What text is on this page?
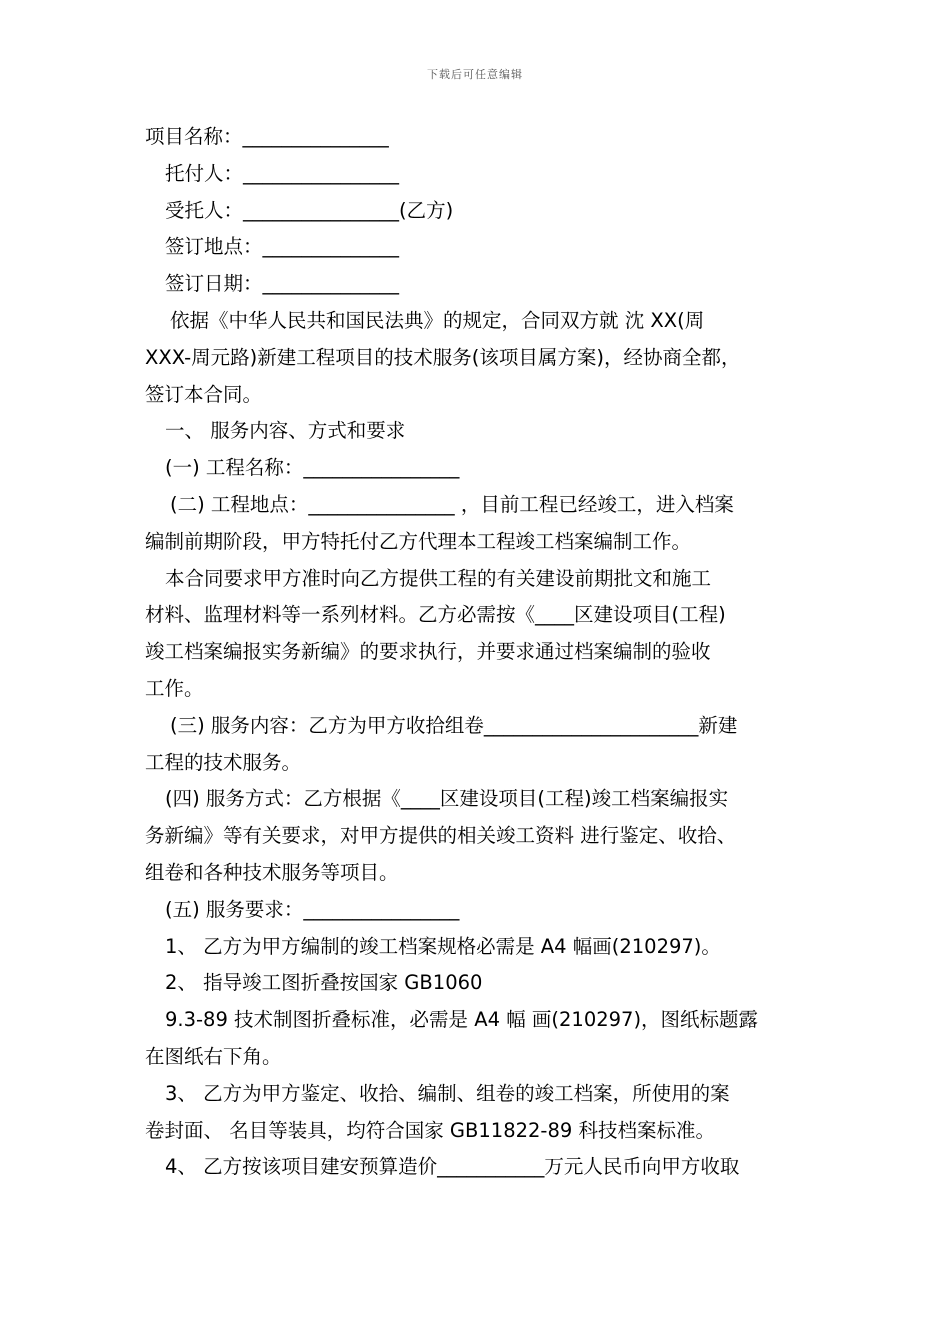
下载后可任意编辑
项目名称：_______________
托付人：________________
受托人：________________(乙方)
签订地点：______________
签订日期：______________
依据《中华人民共和国民法典》的规定，合同双方就 沈 XX(周
XXX-周元路)新建工程项目的技术服务(该项目属方案)，经协商全都，
签订本合同。
一、 服务内容、方式和要求
(一) 工程名称：________________
(二) 工程地点：_______________ ，目前工程已经竣工，进入档案
编制前期阶段，甲方特托付乙方代理本工程竣工档案编制工作。
本合同要求甲方准时向乙方提供工程的有关建设前期批文和施工
材料、监理材料等一系列材料。乙方必需按《____区建设项目(工程)
竣工档案编报实务新编》的要求执行，并要求通过档案编制的验收
工作。
(三) 服务内容：乙方为甲方收拾组卷______________________新建
工程的技术服务。
(四) 服务方式：乙方根据《____区建设项目(工程)竣工档案编报实
务新编》等有关要求，对甲方提供的相关竣工资料 进行鉴定、收拾、
组卷和各种技术服务等项目。
(五) 服务要求：________________
1、 乙方为甲方编制的竣工档案规格必需是 A4 幅画(210297)。
2、 指导竣工图折叠按国家 GB1060
9.3-89 技术制图折叠标准，必需是 A4 幅 画(210297)，图纸标题露
在图纸右下角。
3、 乙方为甲方鉴定、收拾、编制、组卷的竣工档案，所使用的案
卷封面、 名目等装具，均符合国家 GB11822-89 科技档案标准。
4、 乙方按该项目建安预算造价___________万元人民币向甲方收取
